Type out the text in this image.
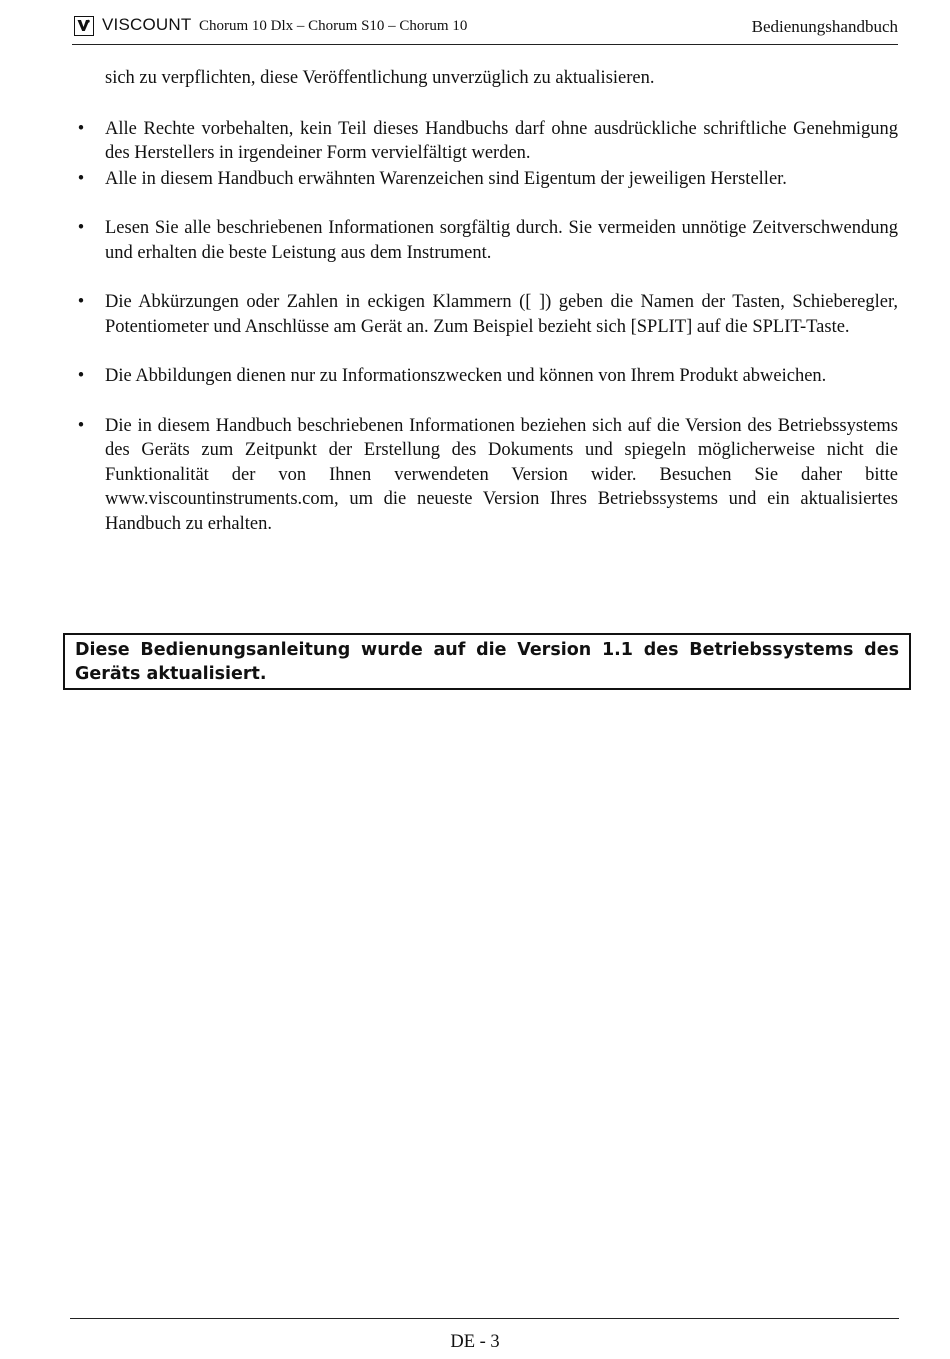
VISCOUNT Chorum 10 Dlx – Chorum S10 – Chorum 10	Bedienungshandbuch

sich zu verpflichten, diese Veröffentlichung unverzüglich zu aktualisieren.

• Alle Rechte vorbehalten, kein Teil dieses Handbuchs darf ohne ausdrückliche schriftliche Genehmigung des Herstellers in irgendeiner Form vervielfältigt werden.

• Alle in diesem Handbuch erwähnten Warenzeichen sind Eigentum der jeweiligen Hersteller.

• Lesen Sie alle beschriebenen Informationen sorgfältig durch. Sie vermeiden unnötige Zeitverschwendung und erhalten die beste Leistung aus dem Instrument.

• Die Abkürzungen oder Zahlen in eckigen Klammern ([ ]) geben die Namen der Tasten, Schieberegler, Potentiometer und Anschlüsse am Gerät an. Zum Beispiel bezieht sich [SPLIT] auf die SPLIT-Taste.

• Die Abbildungen dienen nur zu Informationszwecken und können von Ihrem Produkt abweichen.

• Die in diesem Handbuch beschriebenen Informationen beziehen sich auf die Version des Betriebssystems des Geräts zum Zeitpunkt der Erstellung des Dokuments und spiegeln möglicherweise nicht die Funktionalität der von Ihnen verwendeten Version wider. Besuchen Sie daher bitte www.viscountinstruments.com, um die neueste Version Ihres Betriebssystems und ein aktualisiertes Handbuch zu erhalten.

Diese Bedienungsanleitung wurde auf die Version 1.1 des Betriebssystems des Geräts aktualisiert.
DE - 3
